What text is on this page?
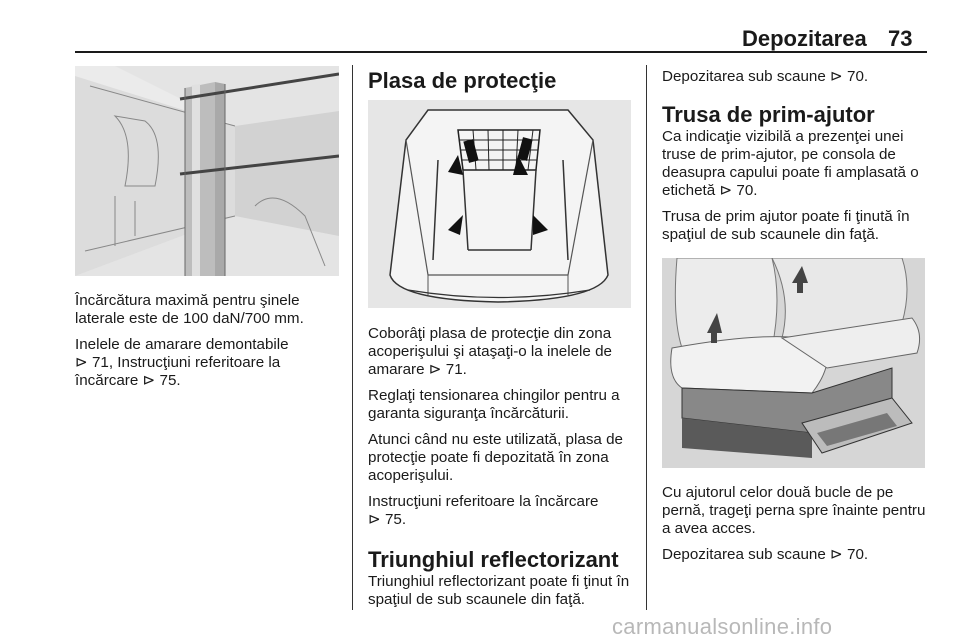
Depozitarea 73

Încărcătura maximă pentru şinele laterale este de 100 daN/700 mm.

Inelele de amarare demontabile
⊳ 71, Instrucţiuni referitoare la încărcare ⊳ 75.

Plasa de protecţie

Coborâţi plasa de protecţie din zona acoperişului şi ataşaţi-o la inelele de amarare ⊳ 71.

Reglaţi tensionarea chingilor pentru a garanta siguranţa încărcăturii.

Atunci când nu este utilizată, plasa de protecţie poate fi depozitată în zona acoperişului.

Instrucţiuni referitoare la încărcare
⊳ 75.

Triunghiul reflectorizant

Triunghiul reflectorizant poate fi ţinut în spaţiul de sub scaunele din faţă.

Depozitarea sub scaune ⊳ 70.

Trusa de prim-ajutor

Ca indicaţie vizibilă a prezenţei unei truse de prim-ajutor, pe consola de deasupra capului poate fi amplasată o etichetă ⊳ 70.

Trusa de prim ajutor poate fi ţinută în spaţiul de sub scaunele din faţă.

Cu ajutorul celor două bucle de pe pernă, trageţi perna spre înainte pentru a avea acces.

Depozitarea sub scaune ⊳ 70.

carmanualsonline.info
